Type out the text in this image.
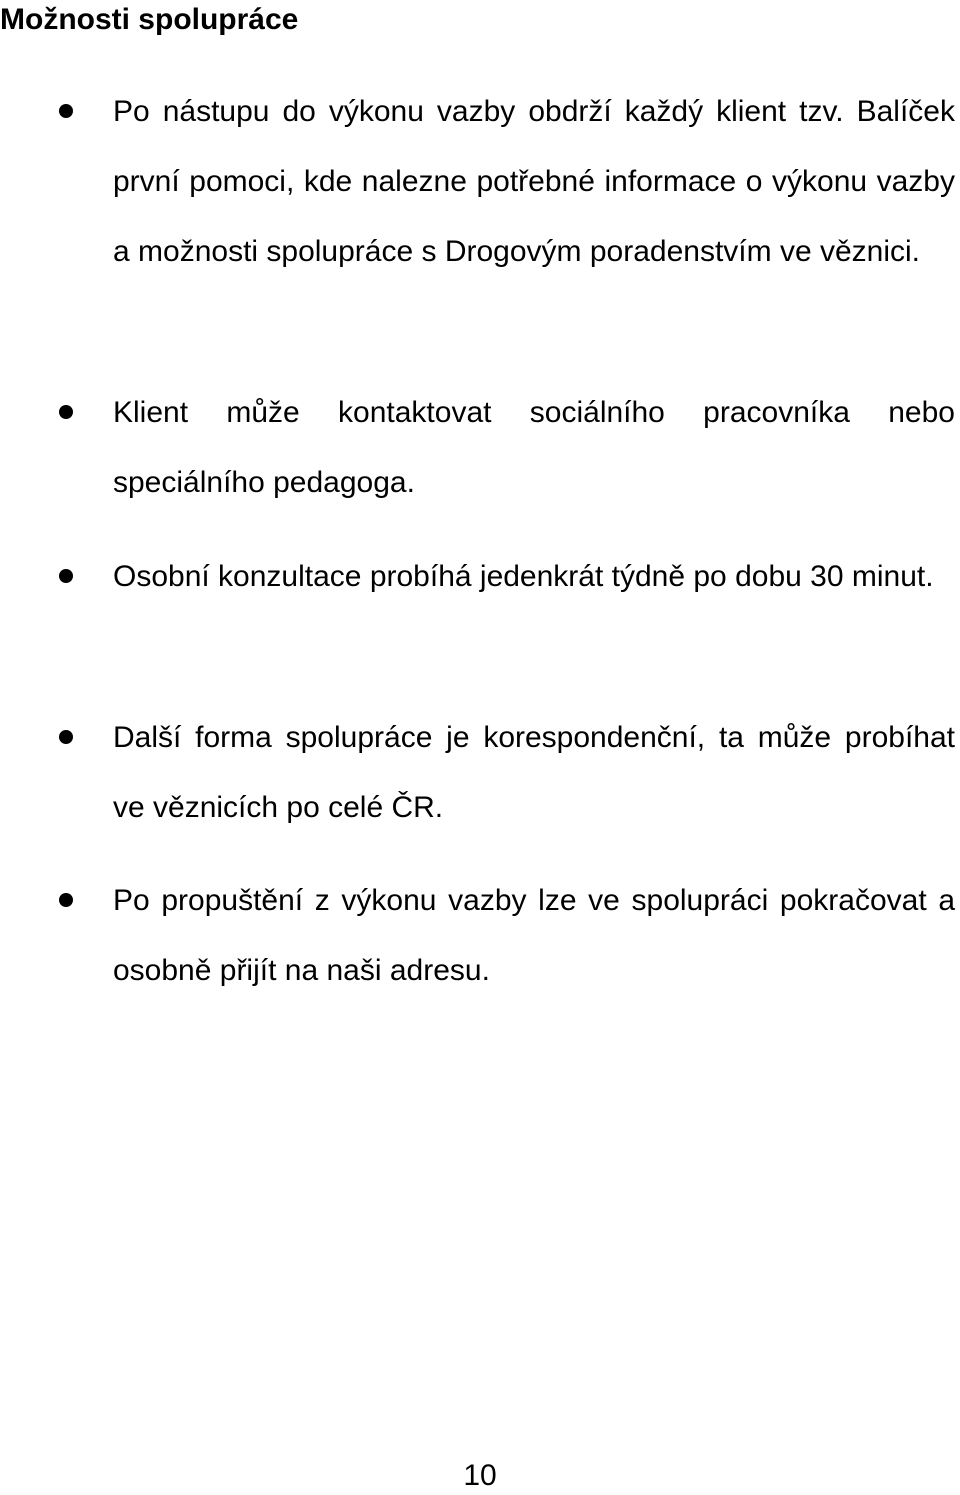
Možnosti spolupráce
Po nástupu do výkonu vazby obdrží každý klient tzv. Balíček první pomoci, kde nalezne potřebné informace o výkonu vazby a možnosti spolupráce s Drogovým poradenstvím ve věznici.
Klient může kontaktovat sociálního pracovníka nebo speciálního pedagoga.
Osobní konzultace probíhá jedenkrát týdně po dobu 30 minut.
Další forma spolupráce je korespondenční, ta může probíhat ve věznicích po celé ČR.
Po propuštění z výkonu vazby lze ve spolupráci pokračovat a osobně přijít na naši adresu.
10
